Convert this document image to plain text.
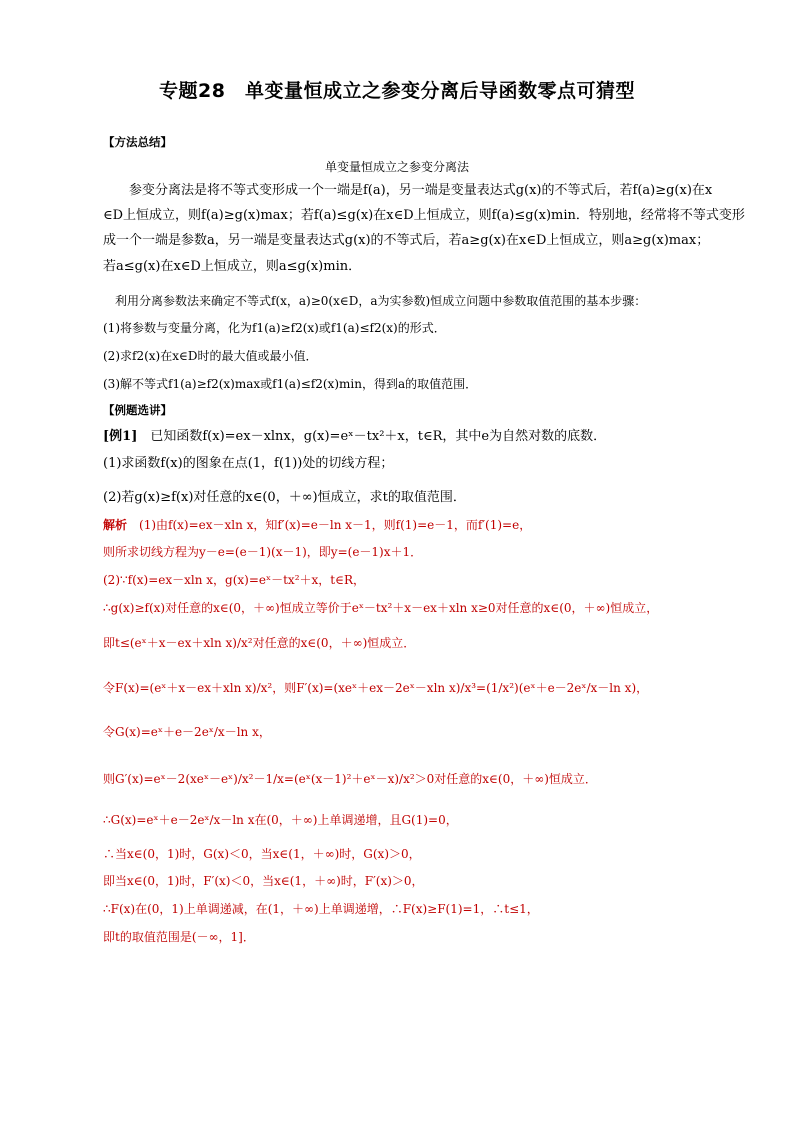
专题28　单变量恒成立之参变分离后导函数零点可猜型
【方法总结】
单变量恒成立之参变分离法
　　参变分离法是将不等式变形成一个一端是f(a)，另一端是变量表达式g(x)的不等式后，若f(a)≥g(x)在x
∈D上恒成立，则f(a)≥g(x)max；若f(a)≤g(x)在x∈D上恒成立，则f(a)≤g(x)min．特别地，经常将不等式变形
成一个一端是参数a，另一端是变量表达式g(x)的不等式后，若a≥g(x)在x∈D上恒成立，则a≥g(x)max；
若a≤g(x)在x∈D上恒成立，则a≤g(x)min．
　利用分离参数法来确定不等式f(x，a)≥0(x∈D，a为实参数)恒成立问题中参数取值范围的基本步骤：
(1)将参数与变量分离，化为f1(a)≥f2(x)或f1(a)≤f2(x)的形式．
(2)求f2(x)在x∈D时的最大值或最小值．
(3)解不等式f1(a)≥f2(x)max或f1(a)≤f2(x)min，得到a的取值范围．
【例题选讲】
[例1]　已知函数f(x)=ex－xlnx，g(x)=eˣ－tx²＋x，t∈R，其中e为自然对数的底数．
(1)求函数f(x)的图象在点(1，f(1))处的切线方程；
(2)若g(x)≥f(x)对任意的x∈(0，＋∞)恒成立，求t的取值范围．
解析　(1)由f(x)=ex－xln x，知f′(x)=e－ln x－1，则f(1)=e－1，而f′(1)=e，
则所求切线方程为y－e=(e－1)(x－1)，即y=(e－1)x＋1．
(2)∵f(x)=ex－xln x，g(x)=eˣ－tx²＋x，t∈R，
∴g(x)≥f(x)对任意的x∈(0，＋∞)恒成立等价于eˣ－tx²＋x－ex＋xln x≥0对任意的x∈(0，＋∞)恒成立，
即t≤(eˣ＋x－ex＋xln x)/x²对任意的x∈(0，＋∞)恒成立．
令F(x)=(eˣ＋x－ex＋xln x)/x²，则F′(x)=(xeˣ＋ex－2eˣ－xln x)/x³=(1/x²)(eˣ＋e－2eˣ/x－ln x)，
令G(x)=eˣ＋e－2eˣ/x－ln x，
则G′(x)=eˣ－2(xeˣ－eˣ)/x²－1/x=(eˣ(x－1)²＋eˣ－x)/x²＞0对任意的x∈(0，＋∞)恒成立．
∴G(x)=eˣ＋e－2eˣ/x－ln x在(0，＋∞)上单调递增，且G(1)=0，
∴当x∈(0，1)时，G(x)＜0，当x∈(1，＋∞)时，G(x)＞0，
即当x∈(0，1)时，F′(x)＜0，当x∈(1，＋∞)时，F′(x)＞0，
∴F(x)在(0，1)上单调递减，在(1，＋∞)上单调递增，∴F(x)≥F(1)=1，∴t≤1，
即t的取值范围是(－∞，1]．
